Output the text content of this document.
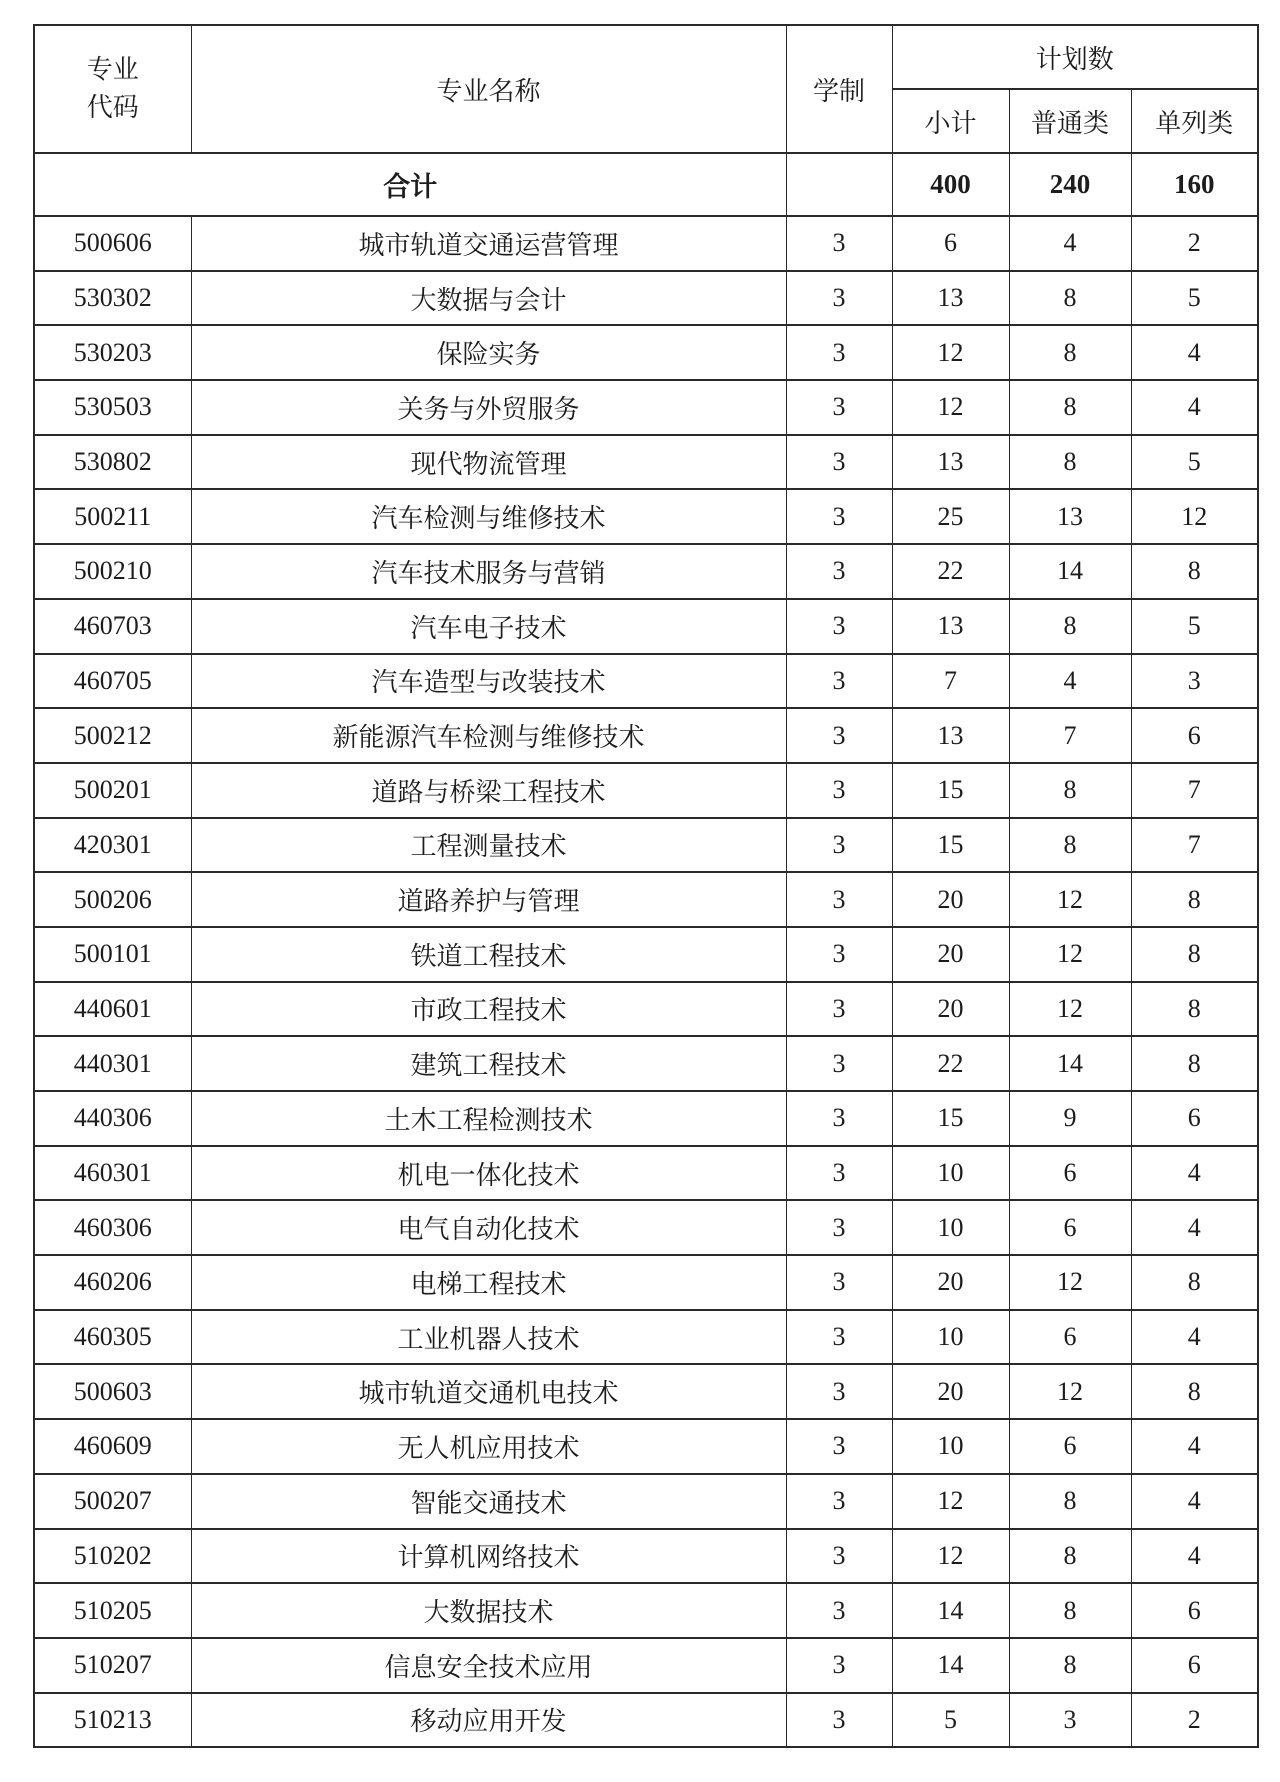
专业
代码	专业名称	学制	计划数		
			小计	普通类	单列类
合计			400	240	160
500606	城市轨道交通运营管理	3	6	4	2
530302	大数据与会计	3	13	8	5
530203	保险实务	3	12	8	4
530503	关务与外贸服务	3	12	8	4
530802	现代物流管理	3	13	8	5
500211	汽车检测与维修技术	3	25	13	12
500210	汽车技术服务与营销	3	22	14	8
460703	汽车电子技术	3	13	8	5
460705	汽车造型与改装技术	3	7	4	3
500212	新能源汽车检测与维修技术	3	13	7	6
500201	道路与桥梁工程技术	3	15	8	7
420301	工程测量技术	3	15	8	7
500206	道路养护与管理	3	20	12	8
500101	铁道工程技术	3	20	12	8
440601	市政工程技术	3	20	12	8
440301	建筑工程技术	3	22	14	8
440306	土木工程检测技术	3	15	9	6
460301	机电一体化技术	3	10	6	4
460306	电气自动化技术	3	10	6	4
460206	电梯工程技术	3	20	12	8
460305	工业机器人技术	3	10	6	4
500603	城市轨道交通机电技术	3	20	12	8
460609	无人机应用技术	3	10	6	4
500207	智能交通技术	3	12	8	4
510202	计算机网络技术	3	12	8	4
510205	大数据技术	3	14	8	6
510207	信息安全技术应用	3	14	8	6
510213	移动应用开发	3	5	3	2
